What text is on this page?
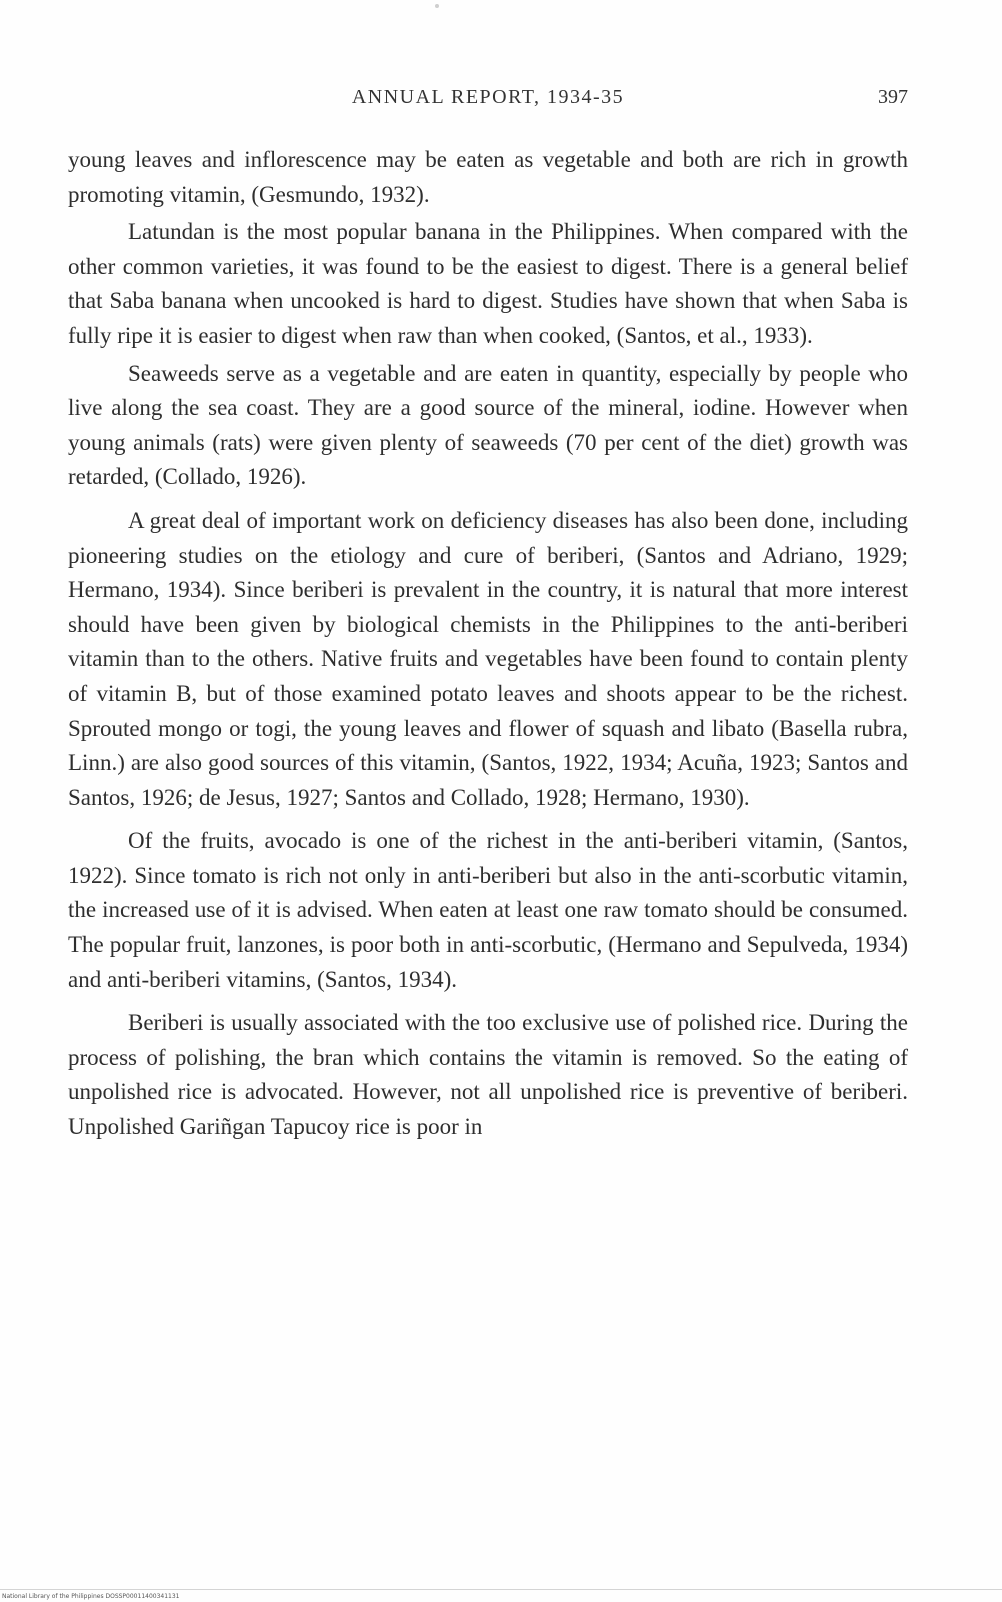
ANNUAL REPORT, 1934-35	397

young leaves and inflorescence may be eaten as vegetable and both are rich in growth promoting vitamin, (Gesmundo, 1932).

Latundan is the most popular banana in the Philippines. When compared with the other common varieties, it was found to be the easiest to digest. There is a general belief that Saba banana when uncooked is hard to digest. Studies have shown that when Saba is fully ripe it is easier to digest when raw than when cooked, (Santos, et al., 1933).

Seaweeds serve as a vegetable and are eaten in quantity, especially by people who live along the sea coast. They are a good source of the mineral, iodine. However when young animals (rats) were given plenty of seaweeds (70 per cent of the diet) growth was retarded, (Collado, 1926).

A great deal of important work on deficiency diseases has also been done, including pioneering studies on the etiology and cure of beriberi, (Santos and Adriano, 1929; Hermano, 1934). Since beriberi is prevalent in the country, it is natural that more interest should have been given by biological chemists in the Philippines to the anti-beriberi vitamin than to the others. Native fruits and vegetables have been found to contain plenty of vitamin B, but of those examined potato leaves and shoots appear to be the richest. Sprouted mongo or togi, the young leaves and flower of squash and libato (Basella rubra, Linn.) are also good sources of this vitamin, (Santos, 1922, 1934; Acuña, 1923; Santos and Santos, 1926; de Jesus, 1927; Santos and Collado, 1928; Hermano, 1930).

Of the fruits, avocado is one of the richest in the anti-beriberi vitamin, (Santos, 1922). Since tomato is rich not only in anti-beriberi but also in the anti-scorbutic vitamin, the increased use of it is advised. When eaten at least one raw tomato should be consumed. The popular fruit, lanzones, is poor both in anti-scorbutic, (Hermano and Sepulveda, 1934) and anti-beriberi vitamins, (Santos, 1934).

Beriberi is usually associated with the too exclusive use of polished rice. During the process of polishing, the bran which contains the vitamin is removed. So the eating of unpolished rice is advocated. However, not all unpolished rice is preventive of beriberi. Unpolished Gariñgan Tapucoy rice is poor in

National Library of the Philippines DOSSP00011400341131
